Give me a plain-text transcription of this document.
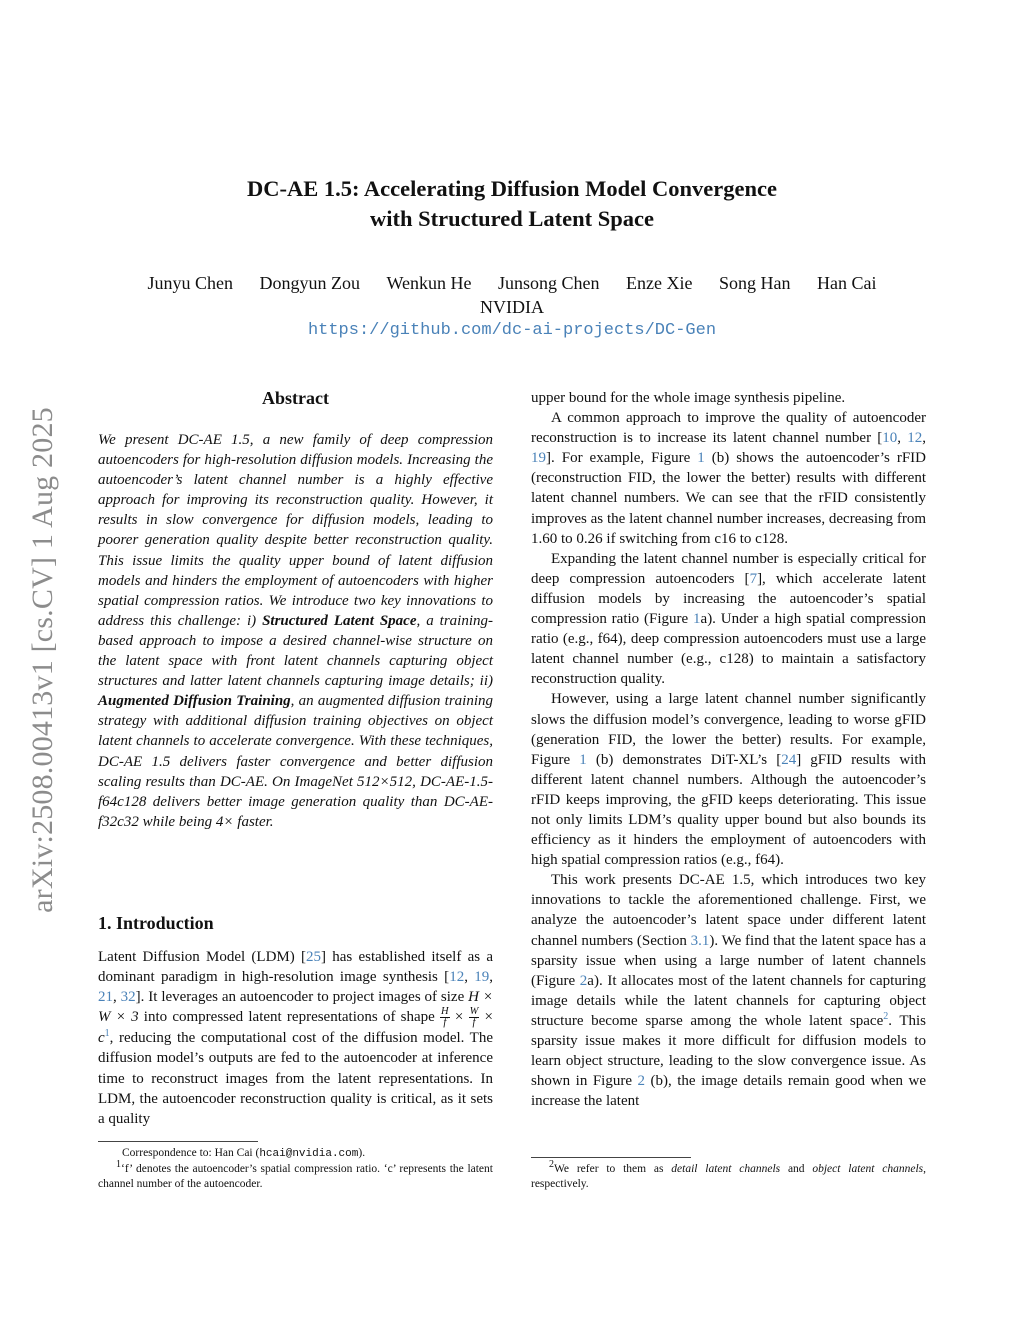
arXiv:2508.00413v1 [cs.CV] 1 Aug 2025
DC-AE 1.5: Accelerating Diffusion Model Convergence
with Structured Latent Space
Junyu Chen Dongyun Zou Wenkun He Junsong Chen Enze Xie Song Han Han Cai
NVIDIA
https://github.com/dc-ai-projects/DC-Gen
Abstract

We present DC-AE 1.5, a new family of deep compression autoencoders for high-resolution diffusion models. Increasing the autoencoder’s latent channel number is a highly effective approach for improving its reconstruction quality. However, it results in slow convergence for diffusion models, leading to poorer generation quality despite better reconstruction quality. This issue limits the quality upper bound of latent diffusion models and hinders the employment of autoencoders with higher spatial compression ratios. We introduce two key innovations to address this challenge: i) Structured Latent Space, a training-based approach to impose a desired channel-wise structure on the latent space with front latent channels capturing object structures and latter latent channels capturing image details; ii) Augmented Diffusion Training, an augmented diffusion training strategy with additional diffusion training objectives on object latent channels to accelerate convergence. With these techniques, DC-AE 1.5 delivers faster convergence and better diffusion scaling results than DC-AE. On ImageNet 512×512, DC-AE-1.5-f64c128 delivers better image generation quality than DC-AE-f32c32 while being 4× faster.

1. Introduction

Latent Diffusion Model (LDM) [25] has established itself as a dominant paradigm in high-resolution image synthesis [12, 19, 21, 32]. It leverages an autoencoder to project images of size H × W × 3 into compressed latent representations of shape $\frac{H}{f} \times \frac{W}{f} \times c^1$, reducing the computational cost of the diffusion model. The diffusion model’s outputs are fed to the autoencoder at inference time to reconstruct images from the latent representations. In LDM, the autoencoder reconstruction quality is critical, as it sets a quality

Correspondence to: Han Cai (hcai@nvidia.com).

$^1$‘f’ denotes the autoencoder’s spatial compression ratio. ‘c’ represents the latent channel number of the autoencoder.

upper bound for the whole image synthesis pipeline.

A common approach to improve the quality of autoencoder reconstruction is to increase its latent channel number [10, 12, 19]. For example, Figure 1 (b) shows the autoencoder’s rFID (reconstruction FID, the lower the better) results with different latent channel numbers. We can see that the rFID consistently improves as the latent channel number increases, decreasing from 1.60 to 0.26 if switching from c16 to c128.

Expanding the latent channel number is especially critical for deep compression autoencoders [7], which accelerate latent diffusion models by increasing the autoencoder’s spatial compression ratio (Figure 1a). Under a high spatial compression ratio (e.g., f64), deep compression autoencoders must use a large latent channel number (e.g., c128) to maintain a satisfactory reconstruction quality.

However, using a large latent channel number significantly slows the diffusion model’s convergence, leading to worse gFID (generation FID, the lower the better) results. For example, Figure 1 (b) demonstrates DiT-XL’s [24] gFID results with different latent channel numbers. Although the autoencoder’s rFID keeps improving, the gFID keeps deteriorating. This issue not only limits LDM’s quality upper bound but also bounds its efficiency as it hinders the employment of autoencoders with high spatial compression ratios (e.g., f64).

This work presents DC-AE 1.5, which introduces two key innovations to tackle the aforementioned challenge. First, we analyze the autoencoder’s latent space under different latent channel numbers (Section 3.1). We find that the latent space has a sparsity issue when using a large number of latent channels (Figure 2a). It allocates most of the latent channels for capturing image details while the latent channels for capturing object structure become sparse among the whole latent space$^2$. This sparsity issue makes it more difficult for diffusion models to learn object structure, leading to the slow convergence issue. As shown in Figure 2 (b), the image details remain good when we increase the latent

$^2$We refer to them as detail latent channels and object latent channels, respectively.
